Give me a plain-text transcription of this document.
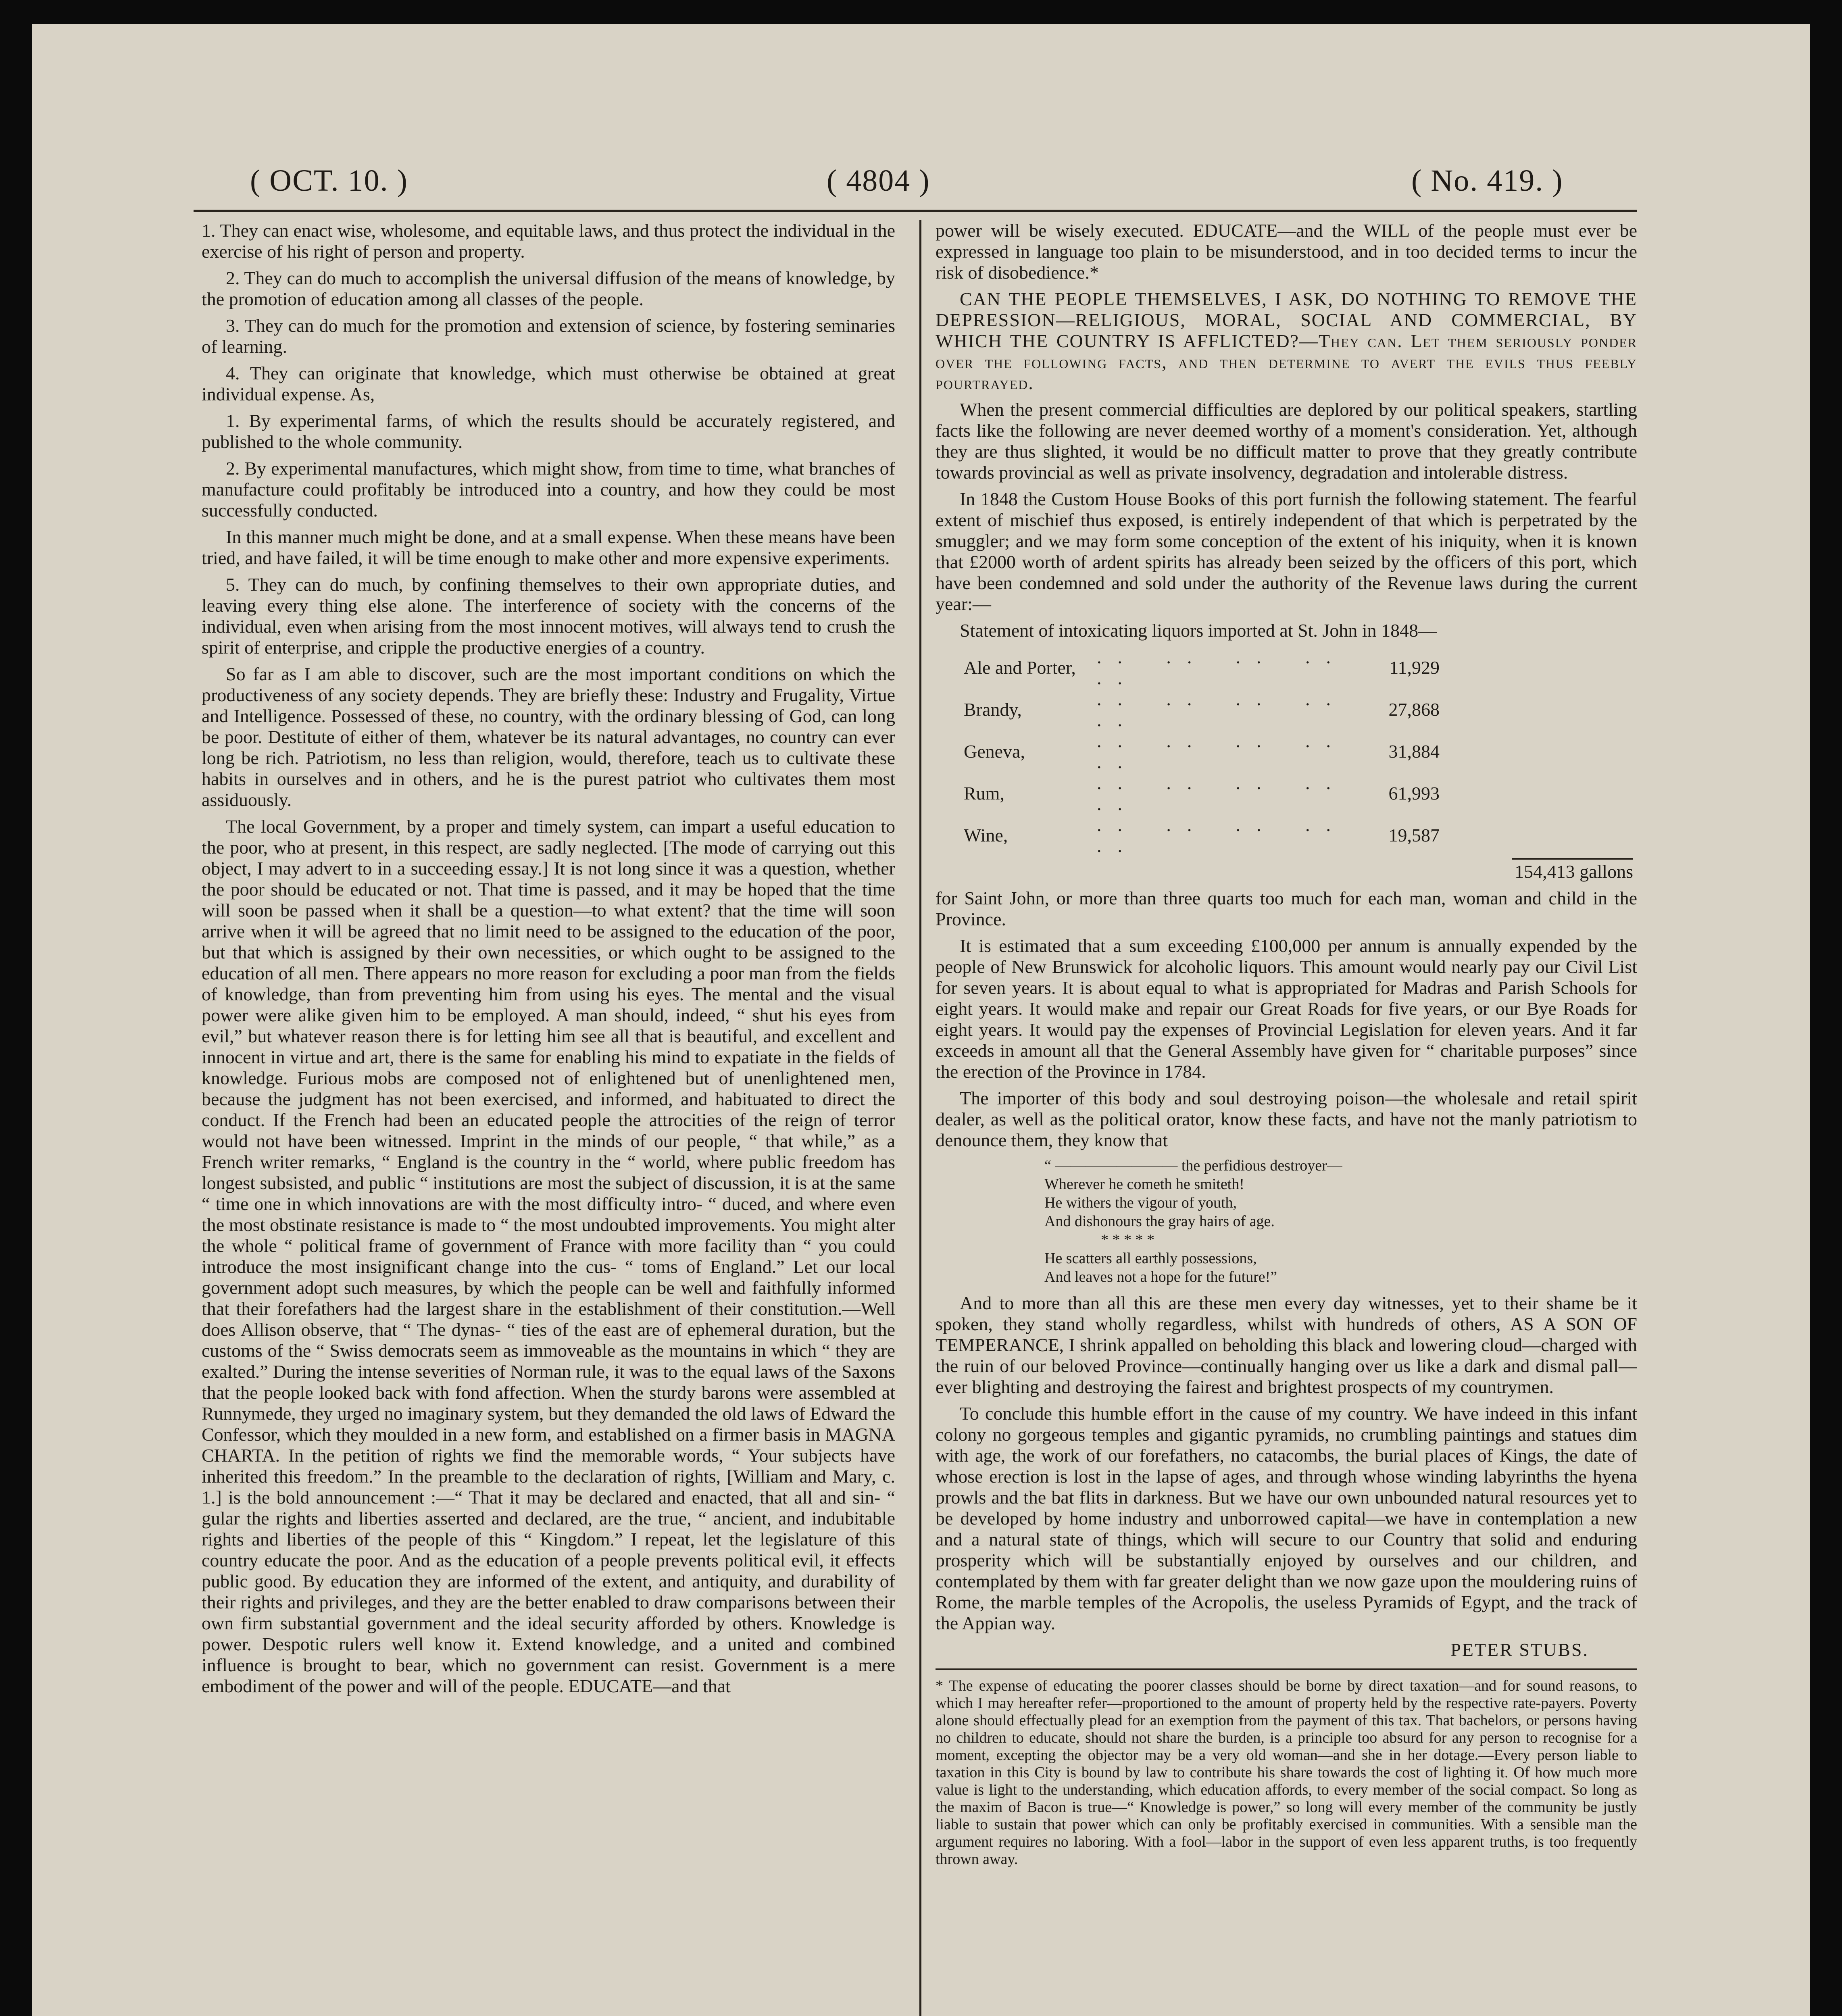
( OCT. 10. )	( 4804 )	( No. 419. )

1. They can enact wise, wholesome, and equitable laws, and thus protect the individual in the exercise of his right of person and property.

2. They can do much to accomplish the universal diffusion of the means of knowledge, by the promotion of education among all classes of the people.

3. They can do much for the promotion and extension of science, by fostering seminaries of learning.

4. They can originate that knowledge, which must otherwise be obtained at great individual expense. As,

1. By experimental farms, of which the results should be accurately registered, and published to the whole community.

2. By experimental manufactures, which might show, from time to time, what branches of manufacture could profitably be introduced into a country, and how they could be most successfully conducted.

In this manner much might be done, and at a small expense. When these means have been tried, and have failed, it will be time enough to make other and more expensive experiments.

5. They can do much, by confining themselves to their own appropriate duties, and leaving every thing else alone. The interference of society with the concerns of the individual, even when arising from the most innocent motives, will always tend to crush the spirit of enterprise, and cripple the productive energies of a country.

So far as I am able to discover, such are the most important conditions on which the productiveness of any society depends. They are briefly these: Industry and Frugality, Virtue and Intelligence. Possessed of these, no country, with the ordinary blessing of God, can long be poor. Destitute of either of them, whatever be its natural advantages, no country can ever long be rich. Patriotism, no less than religion, would, therefore, teach us to cultivate these habits in ourselves and in others, and he is the purest patriot who cultivates them most assiduously.

The local Government, by a proper and timely system, can impart a useful education to the poor, who at present, in this respect, are sadly neglected. [The mode of carrying out this object, I may advert to in a succeeding essay.] It is not long since it was a question, whether the poor should be educated or not. That time is passed, and it may be hoped that the time will soon be passed when it shall be a question—to what extent? that the time will soon arrive when it will be agreed that no limit need to be assigned to the education of the poor, but that which is assigned by their own necessities, or which ought to be assigned to the education of all men. There appears no more reason for excluding a poor man from the fields of knowledge, than from preventing him from using his eyes. The mental and the visual power were alike given him to be employed. A man should, indeed, “ shut his eyes from evil,” but whatever reason there is for letting him see all that is beautiful, and excellent and innocent in virtue and art, there is the same for enabling his mind to expatiate in the fields of knowledge. Furious mobs are composed not of enlightened but of unenlightened men, because the judgment has not been exercised, and informed, and habituated to direct the conduct. If the French had been an educated people the attrocities of the reign of terror would not have been witnessed. Imprint in the minds of our people, “ that while,” as a French writer remarks, “ England is the country in the “ world, where public freedom has longest subsisted, and public “ institutions are most the subject of discussion, it is at the same “ time one in which innovations are with the most difficulty intro- “ duced, and where even the most obstinate resistance is made to “ the most undoubted improvements. You might alter the whole “ political frame of government of France with more facility than “ you could introduce the most insignificant change into the cus- “ toms of England.” Let our local government adopt such measures, by which the people can be well and faithfully informed that their forefathers had the largest share in the establishment of their constitution.—Well does Allison observe, that “ The dynas- “ ties of the east are of ephemeral duration, but the customs of the “ Swiss democrats seem as immoveable as the mountains in which “ they are exalted.” During the intense severities of Norman rule, it was to the equal laws of the Saxons that the people looked back with fond affection. When the sturdy barons were assembled at Runnymede, they urged no imaginary system, but they demanded the old laws of Edward the Confessor, which they moulded in a new form, and established on a firmer basis in MAGNA CHARTA. In the petition of rights we find the memorable words, “ Your subjects have inherited this freedom.” In the preamble to the declaration of rights, [William and Mary, c. 1.] is the bold announcement :—“ That it may be declared and enacted, that all and sin- “ gular the rights and liberties asserted and declared, are the true, “ ancient, and indubitable rights and liberties of the people of this “ Kingdom.” I repeat, let the legislature of this country educate the poor. And as the education of a people prevents political evil, it effects public good. By education they are informed of the extent, and antiquity, and durability of their rights and privileges, and they are the better enabled to draw comparisons between their own firm substantial government and the ideal security afforded by others. Knowledge is power. Despotic rulers well know it. Extend knowledge, and a united and combined influence is brought to bear, which no government can resist. Government is a mere embodiment of the power and will of the people. EDUCATE—and that

power will be wisely executed. EDUCATE—and the WILL of the people must ever be expressed in language too plain to be misunderstood, and in too decided terms to incur the risk of disobedience.*

CAN THE PEOPLE THEMSELVES, I ASK, DO NOTHING TO REMOVE THE DEPRESSION—RELIGIOUS, MORAL, SOCIAL AND COMMERCIAL, BY WHICH THE COUNTRY IS AFFLICTED?—They can. Let them seriously ponder over the following facts, and then determine to avert the evils thus feebly pourtrayed.

When the present commercial difficulties are deplored by our political speakers, startling facts like the following are never deemed worthy of a moment's consideration. Yet, although they are thus slighted, it would be no difficult matter to prove that they greatly contribute towards provincial as well as private insolvency, degradation and intolerable distress.

In 1848 the Custom House Books of this port furnish the following statement. The fearful extent of mischief thus exposed, is entirely independent of that which is perpetrated by the smuggler; and we may form some conception of the extent of his iniquity, when it is known that £2000 worth of ardent spirits has already been seized by the officers of this port, which have been condemned and sold under the authority of the Revenue laws during the current year:—

Statement of intoxicating liquors imported at St. John in 1848—

Ale and Porter,	.. .. .. .. ..	11,929
Brandy,	.. .. .. .. ..	27,868
Geneva,	.. .. .. .. ..	31,884
Rum,	.. .. .. .. ..	61,993
Wine,	.. .. .. .. ..	19,587

154,413 gallons

for Saint John, or more than three quarts too much for each man, woman and child in the Province.

It is estimated that a sum exceeding £100,000 per annum is annually expended by the people of New Brunswick for alcoholic liquors. This amount would nearly pay our Civil List for seven years. It is about equal to what is appropriated for Madras and Parish Schools for eight years. It would make and repair our Great Roads for five years, or our Bye Roads for eight years. It would pay the expenses of Provincial Legislation for eleven years. And it far exceeds in amount all that the General Assembly have given for “ charitable purposes” since the erection of the Province in 1784.

The importer of this body and soul destroying poison—the wholesale and retail spirit dealer, as well as the political orator, know these facts, and have not the manly patriotism to denounce them, they know that

“ ———————— the perfidious destroyer—
Wherever he cometh he smiteth!
He withers the vigour of youth,
And dishonours the gray hairs of age.
* * * * *
He scatters all earthly possessions,
And leaves not a hope for the future!”

And to more than all this are these men every day witnesses, yet to their shame be it spoken, they stand wholly regardless, whilst with hundreds of others, AS A SON OF TEMPERANCE, I shrink appalled on beholding this black and lowering cloud—charged with the ruin of our beloved Province—continually hanging over us like a dark and dismal pall—ever blighting and destroying the fairest and brightest prospects of my countrymen.

To conclude this humble effort in the cause of my country. We have indeed in this infant colony no gorgeous temples and gigantic pyramids, no crumbling paintings and statues dim with age, the work of our forefathers, no catacombs, the burial places of Kings, the date of whose erection is lost in the lapse of ages, and through whose winding labyrinths the hyena prowls and the bat flits in darkness. But we have our own unbounded natural resources yet to be developed by home industry and unborrowed capital—we have in contemplation a new and a natural state of things, which will secure to our Country that solid and enduring prosperity which will be substantially enjoyed by ourselves and our children, and contemplated by them with far greater delight than we now gaze upon the mouldering ruins of Rome, the marble temples of the Acropolis, the useless Pyramids of Egypt, and the track of the Appian way.

PETER STUBS.

* The expense of educating the poorer classes should be borne by direct taxation—and for sound reasons, to which I may hereafter refer—proportioned to the amount of property held by the respective rate-payers. Poverty alone should effectually plead for an exemption from the payment of this tax. That bachelors, or persons having no children to educate, should not share the burden, is a principle too absurd for any person to recognise for a moment, excepting the objector may be a very old woman—and she in her dotage.—Every person liable to taxation in this City is bound by law to contribute his share towards the cost of lighting it. Of how much more value is light to the understanding, which education affords, to every member of the social compact. So long as the maxim of Bacon is true—“ Knowledge is power,” so long will every member of the community be justly liable to sustain that power which can only be profitably exercised in communities. With a sensible man the argument requires no laboring. With a fool—labor in the support of even less apparent truths, is too frequently thrown away.
